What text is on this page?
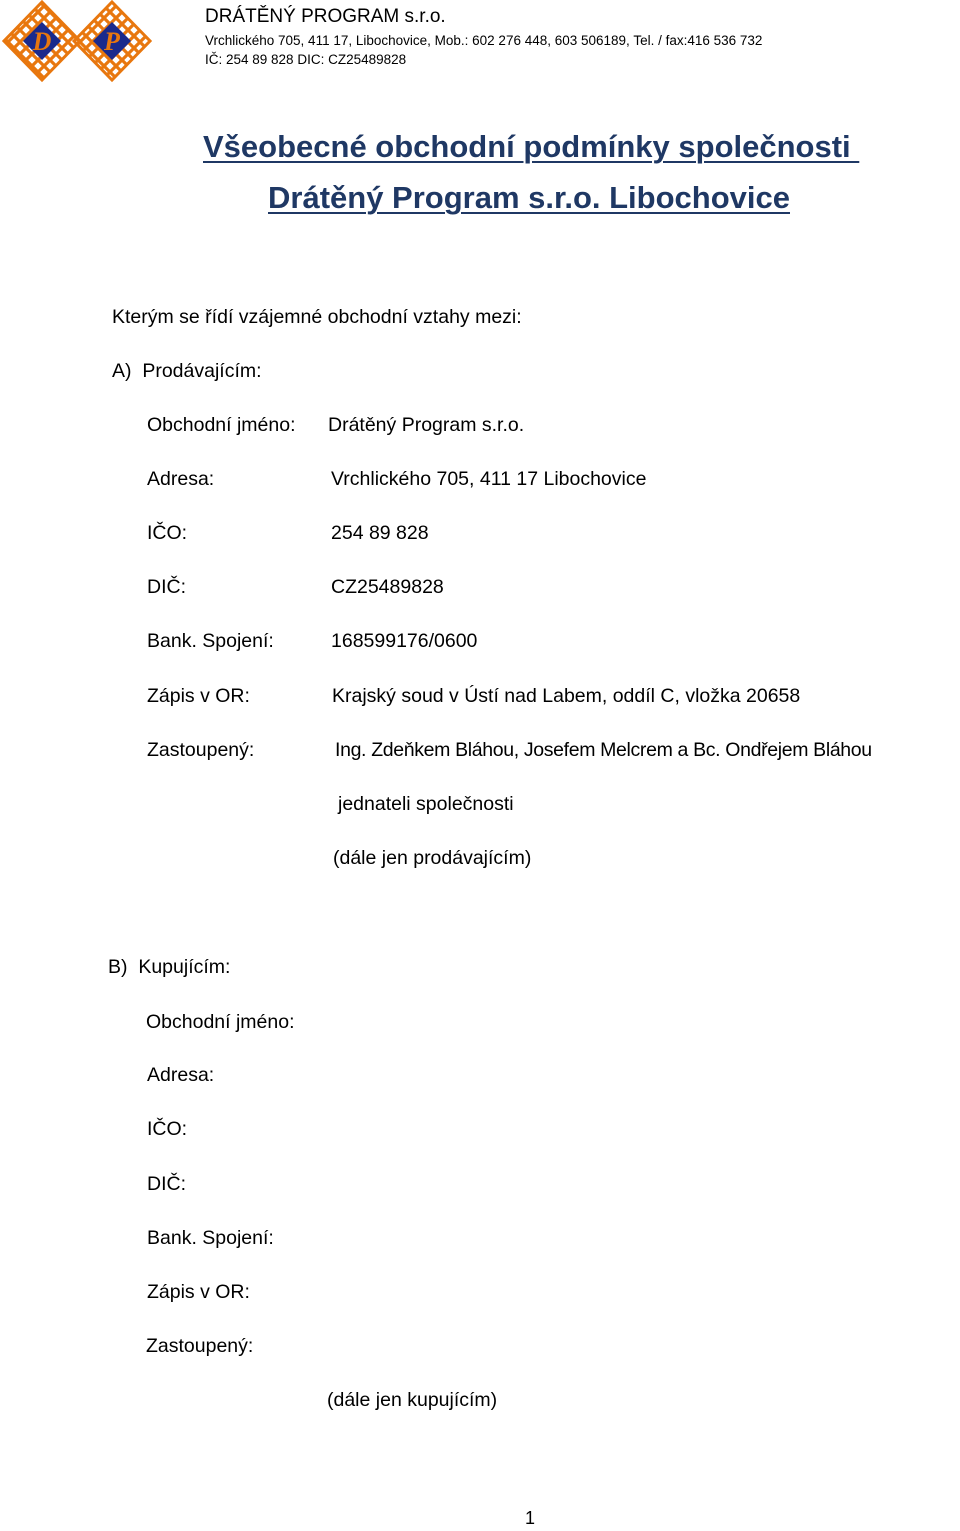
D P
DRÁTĚNÝ PROGRAM s.r.o.
Vrchlického 705, 411 17, Libochovice, Mob.: 602 276 448, 603 506189, Tel. / fax:416 536 732
IČ: 254 89 828 DIC: CZ25489828
Všeobecné obchodní podmínky společnosti
Drátěný Program s.r.o. Libochovice
Kterým se řídí vzájemné obchodní vztahy mezi:
A)  Prodávajícím:
Obchodní jméno: Drátěný Program s.r.o.
Adresa:	Vrchlického 705, 411 17 Libochovice
IČO:	254 89 828
DIČ:	CZ25489828
Bank. Spojení:	168599176/0600
Zápis v OR:	Krajský soud v Ústí nad Labem, oddíl C, vložka 20658
Zastoupený:	Ing. Zdeňkem Bláhou, Josefem Melcrem a Bc. Ondřejem Bláhou
jednateli společnosti
(dále jen prodávajícím)
B)  Kupujícím:
Obchodní jméno:
Adresa:
IČO:
DIČ:
Bank. Spojení:
Zápis v OR:
Zastoupený:
(dále jen kupujícím)
1
